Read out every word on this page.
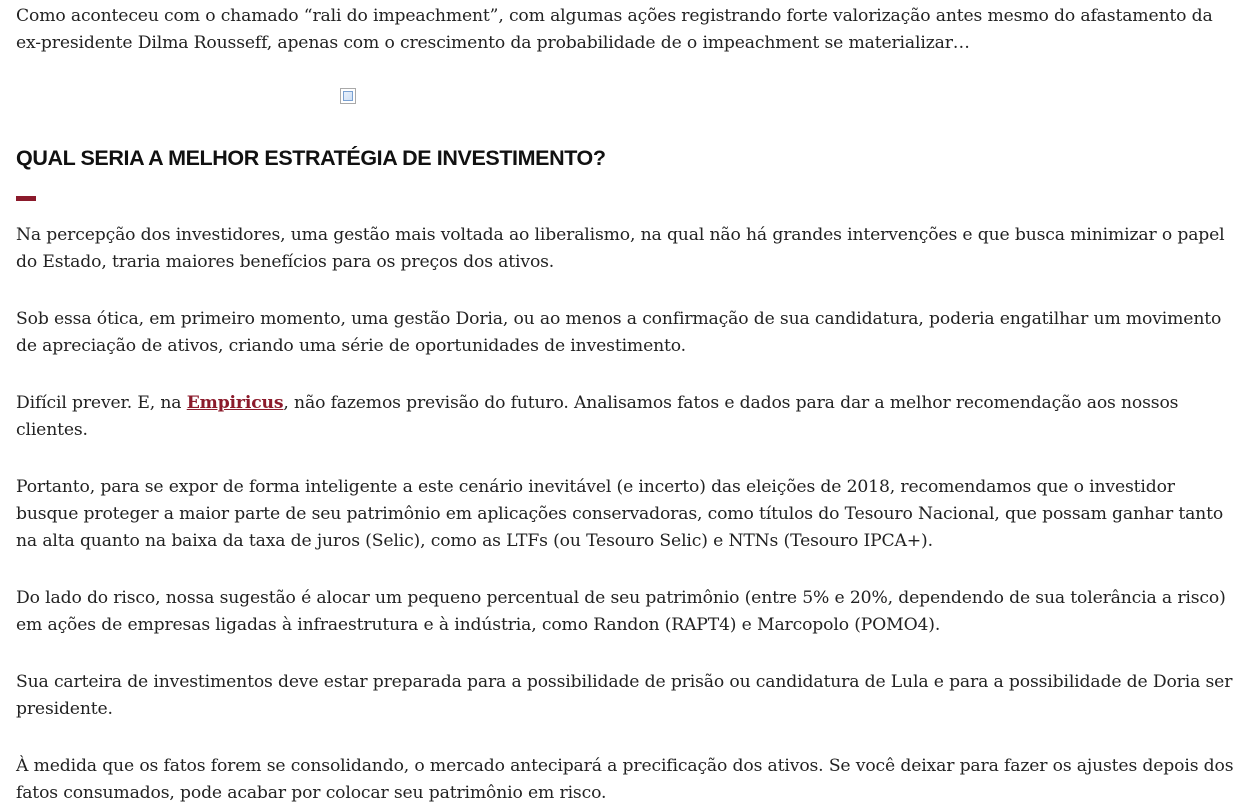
Como aconteceu com o chamado “rali do impeachment”, com algumas ações registrando forte valorização antes mesmo do afastamento da ex-presidente Dilma Rousseff, apenas com o crescimento da probabilidade de o impeachment se materializar…

QUAL SERIA A MELHOR ESTRATÉGIA DE INVESTIMENTO?

Na percepção dos investidores, uma gestão mais voltada ao liberalismo, na qual não há grandes intervenções e que busca minimizar o papel do Estado, traria maiores benefícios para os preços dos ativos.

Sob essa ótica, em primeiro momento, uma gestão Doria, ou ao menos a confirmação de sua candidatura, poderia engatilhar um movimento de apreciação de ativos, criando uma série de oportunidades de investimento.

Difícil prever. E, na Empiricus, não fazemos previsão do futuro. Analisamos fatos e dados para dar a melhor recomendação aos nossos clientes.

Portanto, para se expor de forma inteligente a este cenário inevitável (e incerto) das eleições de 2018, recomendamos que o investidor busque proteger a maior parte de seu patrimônio em aplicações conservadoras, como títulos do Tesouro Nacional, que possam ganhar tanto na alta quanto na baixa da taxa de juros (Selic), como as LTFs (ou Tesouro Selic) e NTNs (Tesouro IPCA+).

Do lado do risco, nossa sugestão é alocar um pequeno percentual de seu patrimônio (entre 5% e 20%, dependendo de sua tolerância a risco) em ações de empresas ligadas à infraestrutura e à indústria, como Randon (RAPT4) e Marcopolo (POMO4).

Sua carteira de investimentos deve estar preparada para a possibilidade de prisão ou candidatura de Lula e para a possibilidade de Doria ser presidente.

À medida que os fatos forem se consolidando, o mercado antecipará a precificação dos ativos. Se você deixar para fazer os ajustes depois dos fatos consumados, pode acabar por colocar seu patrimônio em risco.
